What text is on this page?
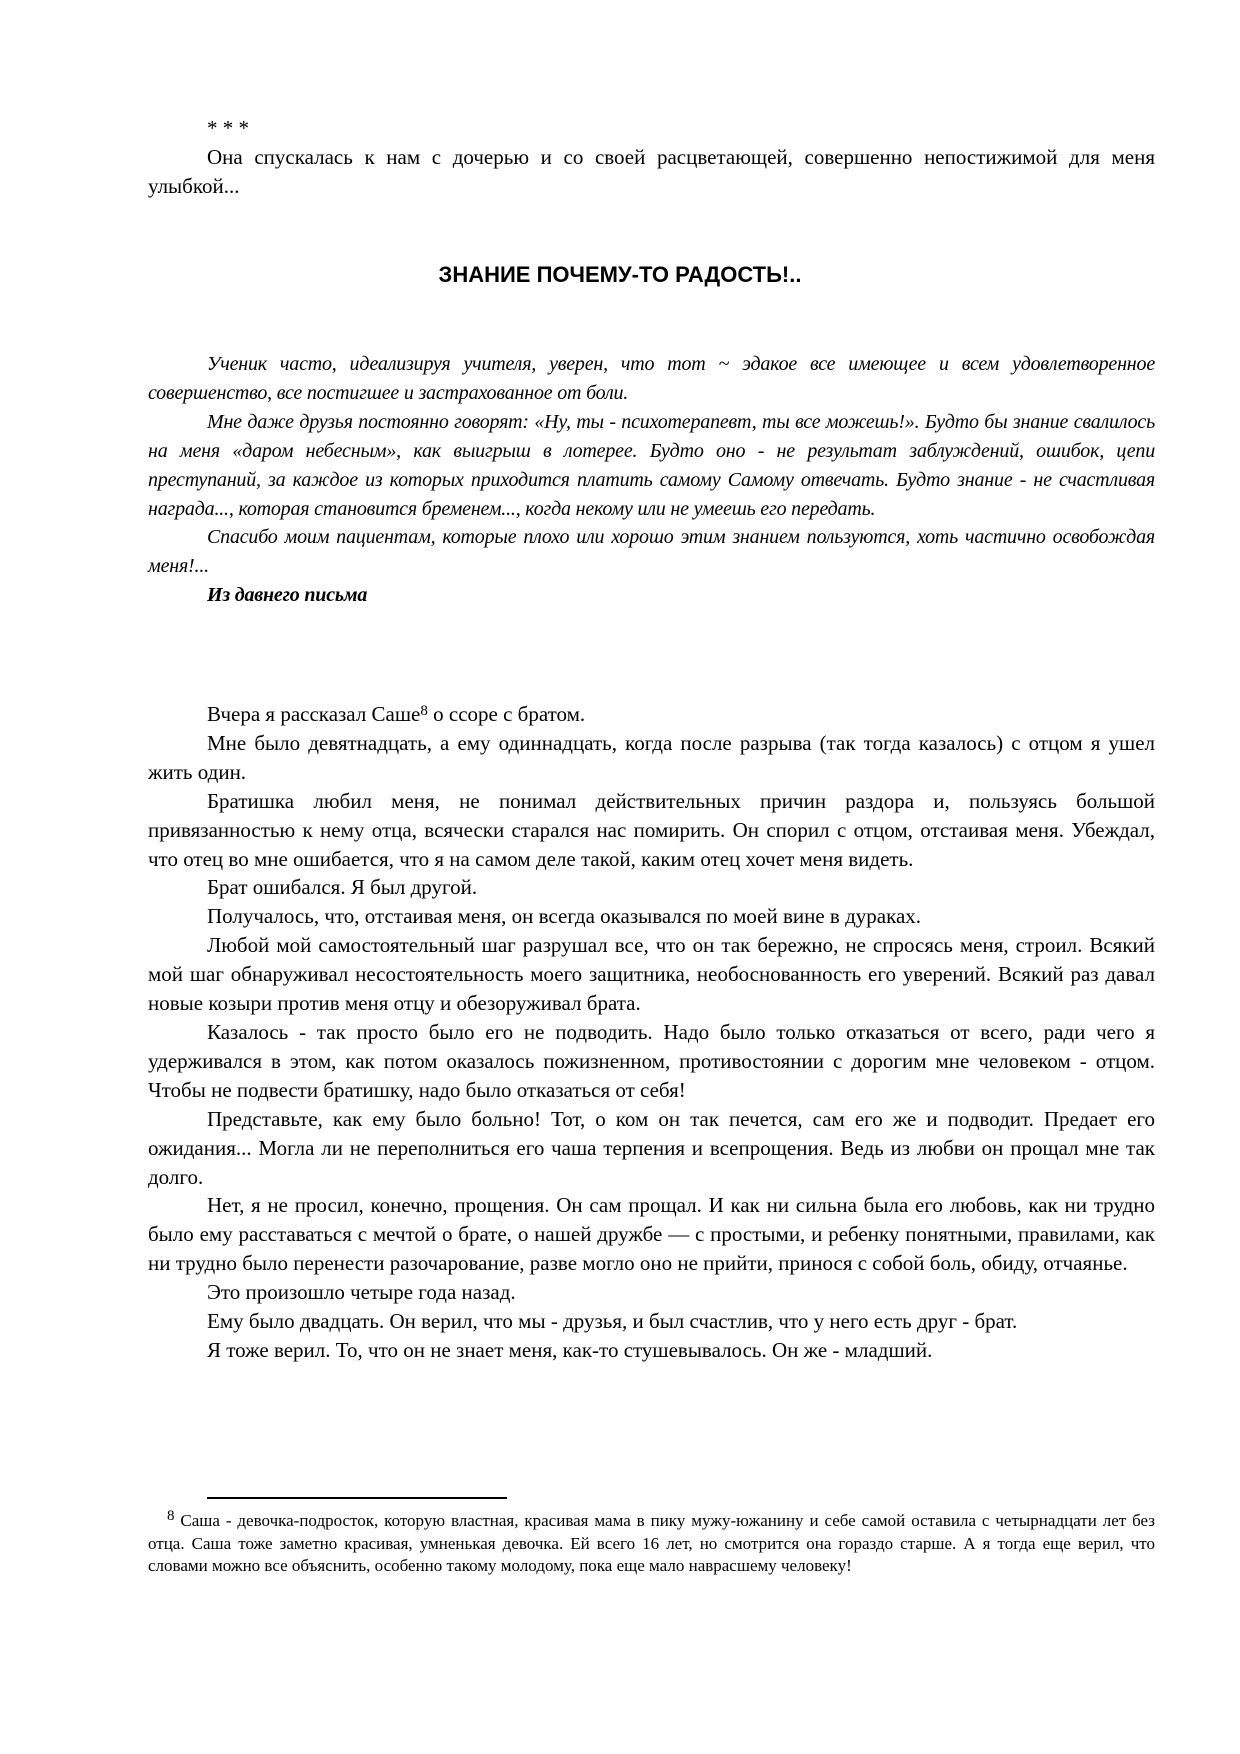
* * *

Она спускалась к нам с дочерью и со своей расцветающей, совершенно непостижимой для меня улыбкой...

ЗНАНИЕ ПОЧЕМУ-ТО РАДОСТЬ!..

Ученик часто, идеализируя учителя, уверен, что тот ~ эдакое все имеющее и всем удовлетворенное совершенство, все постигшее и застрахованное от боли.

Мне даже друзья постоянно говорят: «Ну, ты - психотерапевт, ты все можешь!». Будто бы знание свалилось на меня «даром небесным», как выигрыш в лотерее. Будто оно - не результат заблуждений, ошибок, цепи преступаний, за каждое из которых приходится платить самому Самому отвечать. Будто знание - не счастливая награда..., которая становится бременем..., когда некому или не умеешь его передать.

Спасибо моим пациентам, которые плохо или хорошо этим знанием пользуются, хоть частично освобождая меня!...

Из давнего письма

Вчера я рассказал Саше$^8$ о ссоре с братом.

Мне было девятнадцать, а ему одиннадцать, когда после разрыва (так тогда казалось) с отцом я ушел жить один.

Братишка любил меня, не понимал действительных причин раздора и, пользуясь большой привязанностью к нему отца, всячески старался нас помирить. Он спорил с отцом, отстаивая меня. Убеждал, что отец во мне ошибается, что я на самом деле такой, каким отец хочет меня видеть.

Брат ошибался. Я был другой.

Получалось, что, отстаивая меня, он всегда оказывался по моей вине в дураках.

Любой мой самостоятельный шаг разрушал все, что он так бережно, не спросясь меня, строил. Всякий мой шаг обнаруживал несостоятельность моего защитника, необоснованность его уверений. Всякий раз давал новые козыри против меня отцу и обезоруживал брата.

Казалось - так просто было его не подводить. Надо было только отказаться от всего, ради чего я удерживался в этом, как потом оказалось пожизненном, противостоянии с дорогим мне человеком - отцом. Чтобы не подвести братишку, надо было отказаться от себя!

Представьте, как ему было больно! Тот, о ком он так печется, сам его же и подводит. Предает его ожидания... Могла ли не переполниться его чаша терпения и всепрощения. Ведь из любви он прощал мне так долго.

Нет, я не просил, конечно, прощения. Он сам прощал. И как ни сильна была его любовь, как ни трудно было ему расставаться с мечтой о брате, о нашей дружбе — с простыми, и ребенку понятными, правилами, как ни трудно было перенести разочарование, разве могло оно не прийти, принося с собой боль, обиду, отчаянье.

Это произошло четыре года назад.

Ему было двадцать. Он верил, что мы - друзья, и был счастлив, что у него есть друг - брат.

Я тоже верил. То, что он не знает меня, как-то стушевывалось. Он же - младший.

$^8$ Саша - девочка-подросток, которую властная, красивая мама в пику мужу-южанину и себе самой оставила с четырнадцати лет без отца. Саша тоже заметно красивая, умненькая девочка. Ей всего 16 лет, но смотрится она гораздо старше. А я тогда еще верил, что словами можно все объяснить, особенно такому молодому, пока еще мало наврасшему человеку!
